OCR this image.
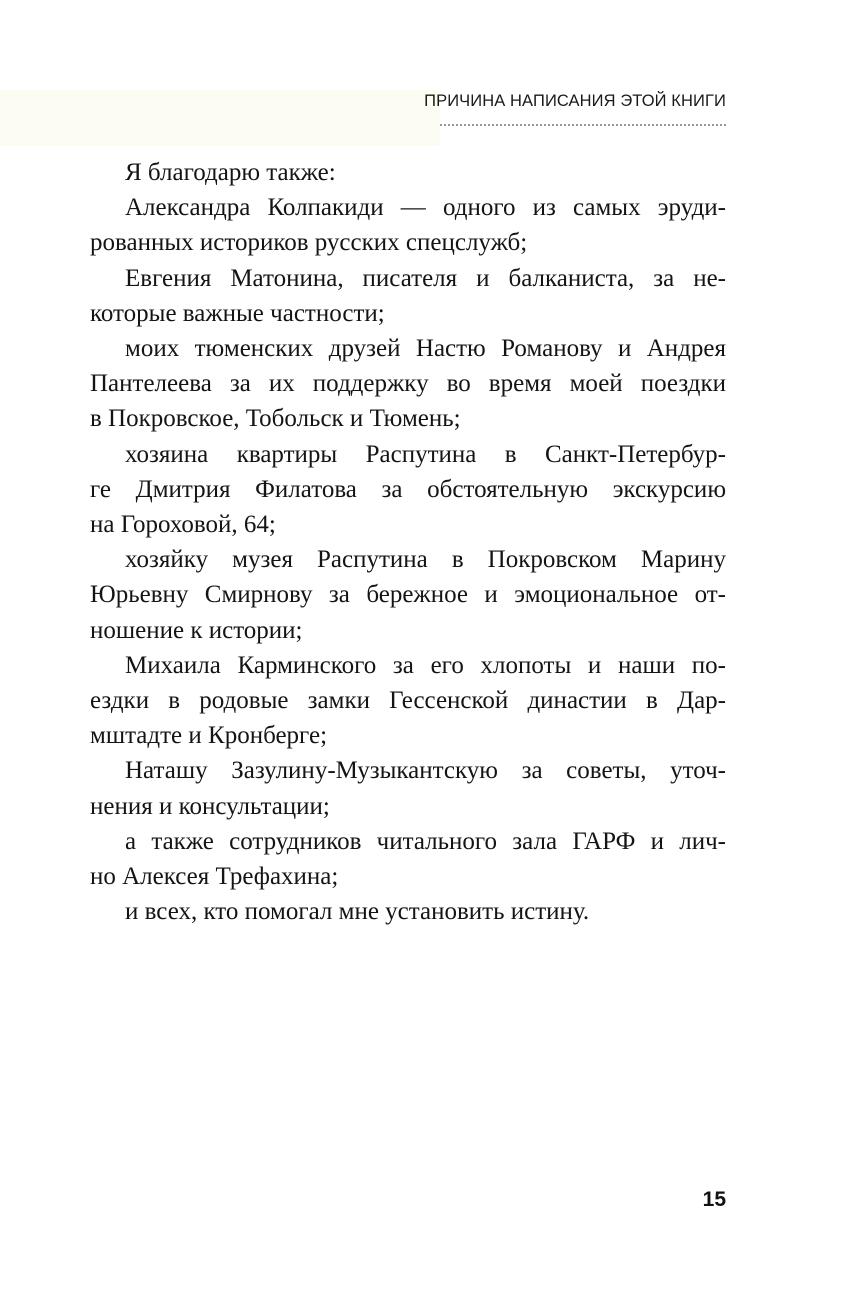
ПРИЧИНА НАПИСАНИЯ ЭТОЙ КНИГИ
Я благодарю также:
Александра Колпакиди — одного из самых эруди-
рованных историков русских спецслужб;
Евгения Матонина, писателя и балканиста, за не-
которые важные частности;
моих тюменских друзей Настю Романову и Андрея
Пантелеева за их поддержку во время моей поездки
в Покровское, Тобольск и Тюмень;
хозяина квартиры Распутина в Санкт-Петербур-
ге Дмитрия Филатова за обстоятельную экскурсию
на Гороховой, 64;
хозяйку музея Распутина в Покровском Марину
Юрьевну Смирнову за бережное и эмоциональное от-
ношение к истории;
Михаила Карминского за его хлопоты и наши по-
ездки в родовые замки Гессенской династии в Дар-
мштадте и Кронберге;
Наташу Зазулину-Музыкантскую за советы, уточ-
нения и консультации;
а также сотрудников читального зала ГАРФ и лич-
но Алексея Трефахина;
и всех, кто помогал мне установить истину.
15
